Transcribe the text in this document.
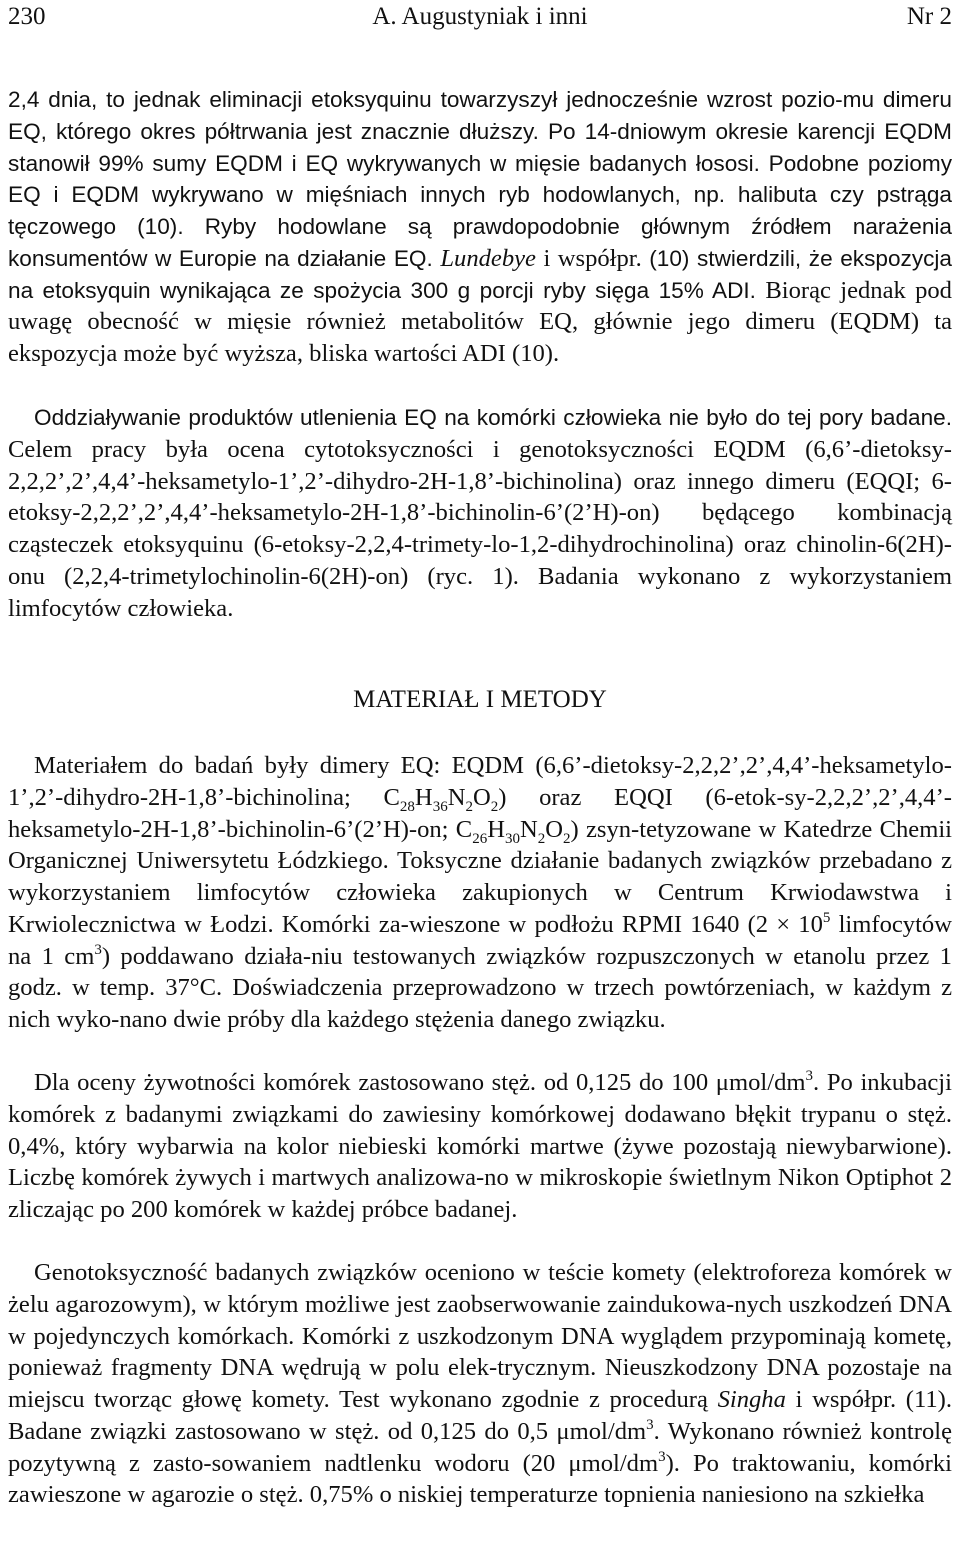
230	A. Augustyniak i inni	Nr 2

2,4 dnia, to jednak eliminacji etoksyquinu towarzyszył jednocześnie wzrost pozio-mu dimeru EQ, którego okres półtrwania jest znacznie dłuższy. Po 14-dniowym okresie karencji EQDM stanowił 99% sumy EQDM i EQ wykrywanych w mięsie badanych łososi. Podobne poziomy EQ i EQDM wykrywano w mięśniach innych ryb hodowlanych, np. halibuta czy pstrąga tęczowego (10). Ryby hodowlane są prawdopodobnie głównym źródłem narażenia konsumentów w Europie na działanie EQ. Lundebye i współpr. (10) stwierdzili, że ekspozycja na etoksyquin wynikająca ze spożycia 300 g porcji ryby sięga 15% ADI. Biorąc jednak pod uwagę obecność w mięsie również metabolitów EQ, głównie jego dimeru (EQDM) ta ekspozycja może być wyższa, bliska wartości ADI (10).

Oddziaływanie produktów utlenienia EQ na komórki człowieka nie było do tej pory badane. Celem pracy była ocena cytotoksyczności i genotoksyczności EQDM (6,6’-dietoksy-2,2,2’,2’,4,4’-heksametylo-1’,2’-dihydro-2H-1,8’-bichinolina) oraz innego dimeru (EQQI; 6-etoksy-2,2,2’,2’,4,4’-heksametylo-2H-1,8’-bichinolin-6’(2’H)-on) będącego kombinacją cząsteczek etoksyquinu (6-etoksy-2,2,4-trimety-lo-1,2-dihydrochinolina) oraz chinolin-6(2H)-onu (2,2,4-trimetylochinolin-6(2H)-on) (ryc. 1). Badania wykonano z wykorzystaniem limfocytów człowieka.

MATERIAŁ I METODY

Materiałem do badań były dimery EQ: EQDM (6,6’-dietoksy-2,2,2’,2’,4,4’-heksametylo-1’,2’-dihydro-2H-1,8’-bichinolina; $C_{28}H_{36}N_2O_2$) oraz EQQI (6-etok-sy-2,2,2’,2’,4,4’-heksametylo-2H-1,8’-bichinolin-6’(2’H)-on; $C_{26}H_{30}N_2O_2$) zsyn-tetyzowane w Katedrze Chemii Organicznej Uniwersytetu Łódzkiego. Toksyczne działanie badanych związków przebadano z wykorzystaniem limfocytów człowieka zakupionych w Centrum Krwiodawstwa i Krwiolecznictwa w Łodzi. Komórki za-wieszone w podłożu RPMI 1640 ($2 \times 10^5$ limfocytów na 1 $cm^3$) poddawano działa-niu testowanych związków rozpuszczonych w etanolu przez 1 godz. w temp. 37°C. Doświadczenia przeprowadzono w trzech powtórzeniach, w każdym z nich wyko-nano dwie próby dla każdego stężenia danego związku.

Dla oceny żywotności komórek zastosowano stęż. od 0,125 do 100 μmol/$dm^3$. Po inkubacji komórek z badanymi związkami do zawiesiny komórkowej dodawano błękit trypanu o stęż. 0,4%, który wybarwia na kolor niebieski komórki martwe (żywe pozostają niewybarwione). Liczbę komórek żywych i martwych analizowa-no w mikroskopie świetlnym Nikon Optiphot 2 zliczając po 200 komórek w każdej próbce badanej.

Genotoksyczność badanych związków oceniono w teście komety (elektroforeza komórek w żelu agarozowym), w którym możliwe jest zaobserwowanie zaindukowa-nych uszkodzeń DNA w pojedynczych komórkach. Komórki z uszkodzonym DNA wyglądem przypominają kometę, ponieważ fragmenty DNA wędrują w polu elek-trycznym. Nieuszkodzony DNA pozostaje na miejscu tworząc głowę komety. Test wykonano zgodnie z procedurą Singha i współpr. (11). Badane związki zastosowano w stęż. od 0,125 do 0,5 μmol/$dm^3$. Wykonano również kontrolę pozytywną z zasto-sowaniem nadtlenku wodoru (20 μmol/$dm^3$). Po traktowaniu, komórki zawieszone w agarozie o stęż. 0,75% o niskiej temperaturze topnienia naniesiono na szkiełka
